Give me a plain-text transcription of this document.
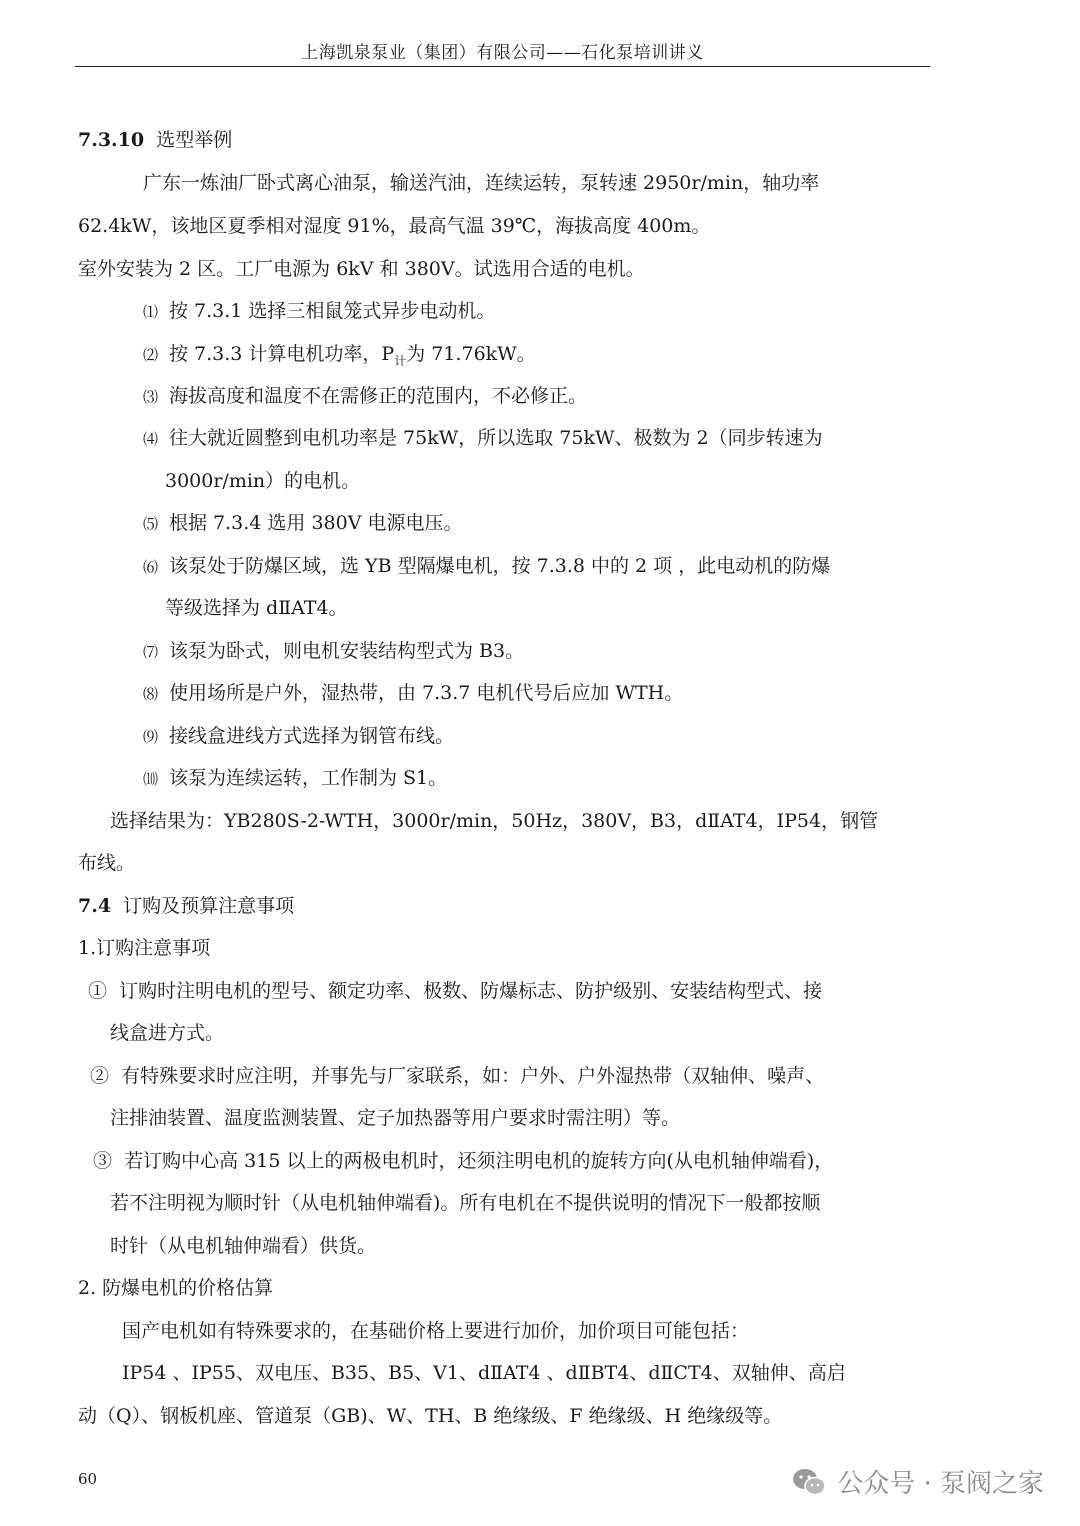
上海凯泉泵业（集团）有限公司——石化泵培训讲义
7.3.10 选型举例
广东一炼油厂卧式离心油泵，输送汽油，连续运转，泵转速 2950r/min，轴功率
62.4kW，该地区夏季相对湿度 91%，最高气温 39℃，海拔高度 400m。
室外安装为 2 区。工厂电源为 6kV 和 380V。试选用合适的电机。
⑴ 按 7.3.1 选择三相鼠笼式异步电动机。
⑵ 按 7.3.3 计算电机功率，$P_计$为 71.76kW。
⑶ 海拔高度和温度不在需修正的范围内，不必修正。
⑷ 往大就近圆整到电机功率是 75kW，所以选取 75kW、极数为 2（同步转速为
3000r/min）的电机。
⑸ 根据 7.3.4 选用 380V 电源电压。
⑹ 该泵处于防爆区域，选 YB 型隔爆电机，按 7.3.8 中的 2 项 ，此电动机的防爆
等级选择为 dⅡAT4。
⑺ 该泵为卧式，则电机安装结构型式为 B3。
⑻ 使用场所是户外，湿热带，由 7.3.7 电机代号后应加 WTH。
⑼ 接线盒进线方式选择为钢管布线。
⑽ 该泵为连续运转，工作制为 S1。
选择结果为：YB280S-2-WTH，3000r/min，50Hz，380V，B3，dⅡAT4，IP54，钢管
布线。
7.4 订购及预算注意事项
1.订购注意事项
① 订购时注明电机的型号、额定功率、极数、防爆标志、防护级别、安装结构型式、接
线盒进方式。
② 有特殊要求时应注明，并事先与厂家联系，如：户外、户外湿热带（双轴伸、噪声、
注排油装置、温度监测装置、定子加热器等用户要求时需注明）等。
③ 若订购中心高 315 以上的两极电机时，还须注明电机的旋转方向(从电机轴伸端看)，
若不注明视为顺时针（从电机轴伸端看)。所有电机在不提供说明的情况下一般都按顺
时针（从电机轴伸端看）供货。
2. 防爆电机的价格估算
国产电机如有特殊要求的，在基础价格上要进行加价，加价项目可能包括：
IP54 、IP55、双电压、B35、B5、V1、dⅡAT4 、dⅡBT4、dⅡCT4、双轴伸、高启
动（Q）、钢板机座、管道泵（GB)、W、TH、B 绝缘级、F 绝缘级、H 绝缘级等。
60	公众号 · 泵阀之家
